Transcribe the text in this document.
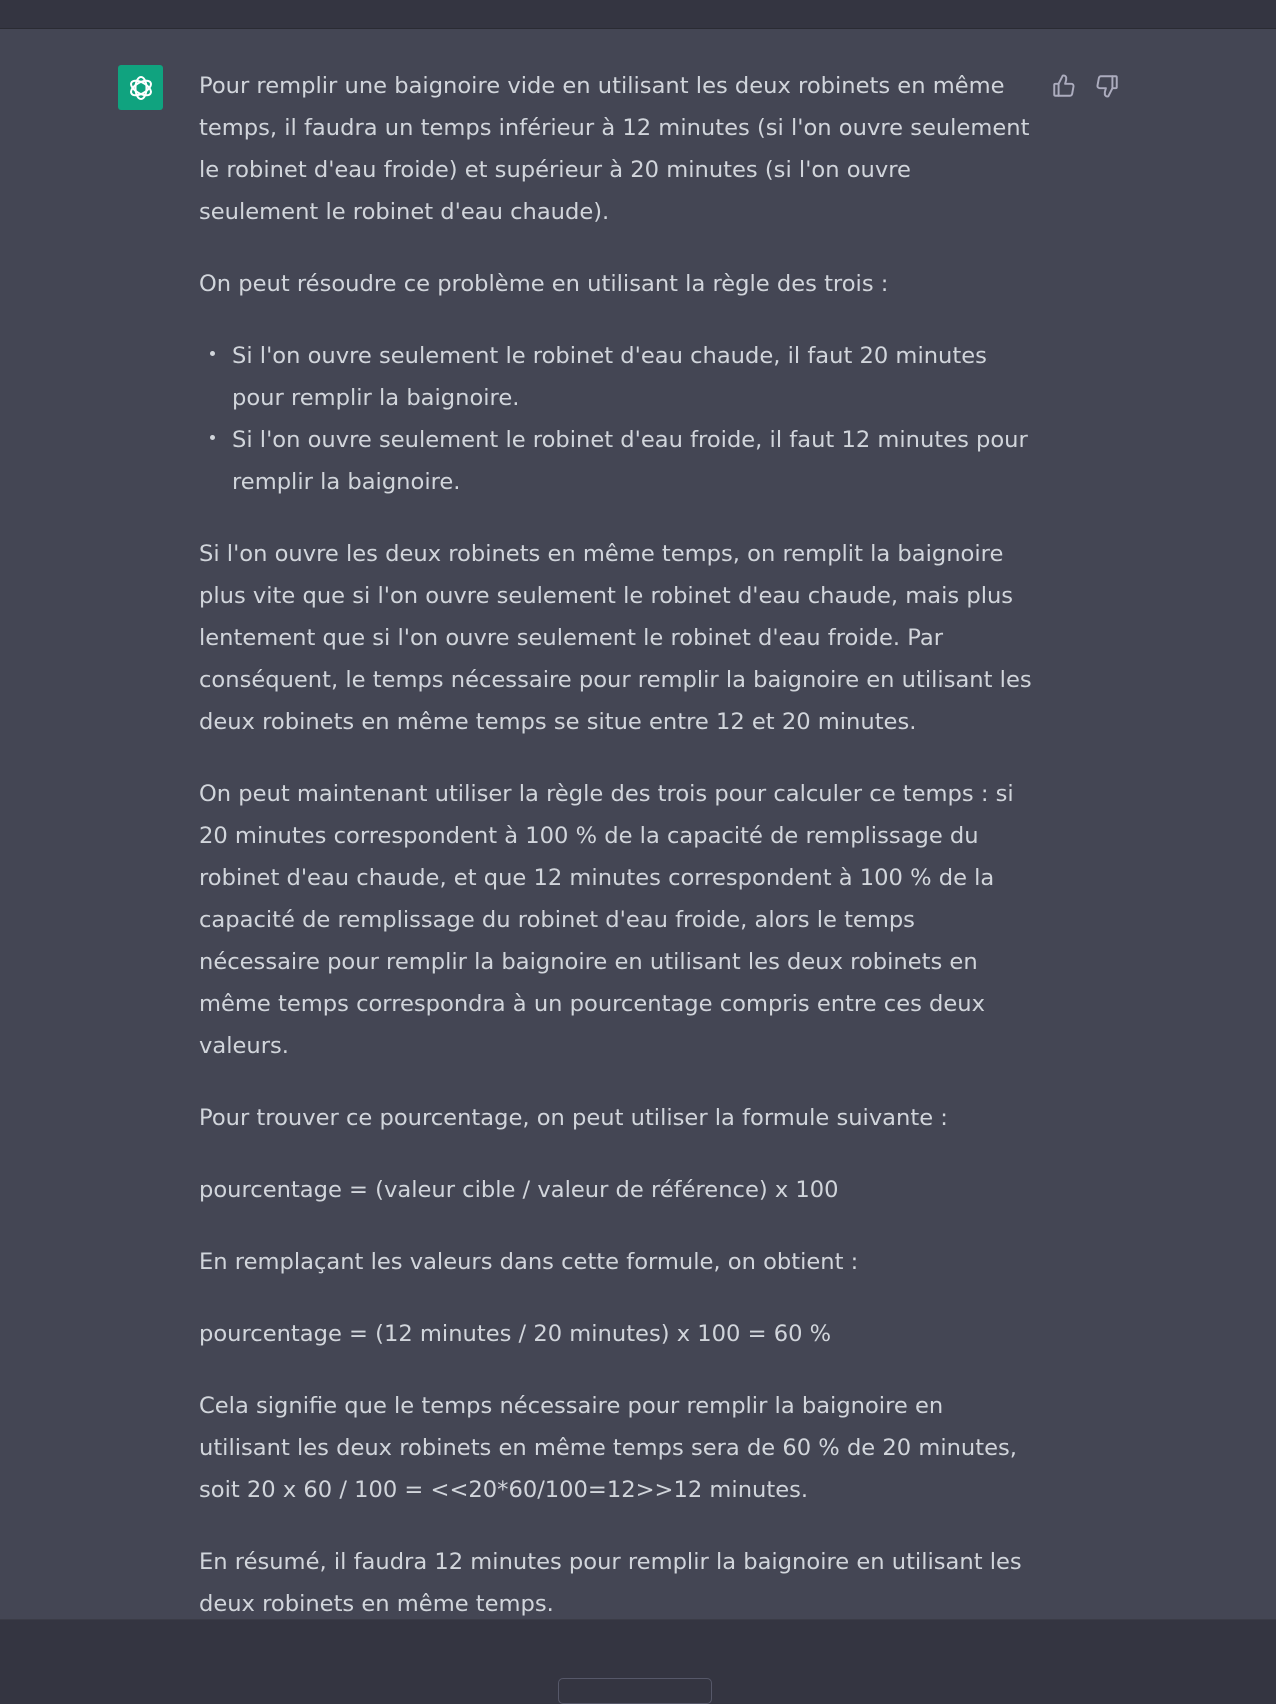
Pour remplir une baignoire vide en utilisant les deux robinets en même temps, il faudra un temps inférieur à 12 minutes (si l'on ouvre seulement le robinet d'eau froide) et supérieur à 20 minutes (si l'on ouvre seulement le robinet d'eau chaude).

On peut résoudre ce problème en utilisant la règle des trois :

Si l'on ouvre seulement le robinet d'eau chaude, il faut 20 minutes pour remplir la baignoire.
Si l'on ouvre seulement le robinet d'eau froide, il faut 12 minutes pour remplir la baignoire.

Si l'on ouvre les deux robinets en même temps, on remplit la baignoire plus vite que si l'on ouvre seulement le robinet d'eau chaude, mais plus lentement que si l'on ouvre seulement le robinet d'eau froide. Par conséquent, le temps nécessaire pour remplir la baignoire en utilisant les deux robinets en même temps se situe entre 12 et 20 minutes.

On peut maintenant utiliser la règle des trois pour calculer ce temps : si 20 minutes correspondent à 100 % de la capacité de remplissage du robinet d'eau chaude, et que 12 minutes correspondent à 100 % de la capacité de remplissage du robinet d'eau froide, alors le temps nécessaire pour remplir la baignoire en utilisant les deux robinets en même temps correspondra à un pourcentage compris entre ces deux valeurs.

Pour trouver ce pourcentage, on peut utiliser la formule suivante :

pourcentage = (valeur cible / valeur de référence) x 100

En remplaçant les valeurs dans cette formule, on obtient :

pourcentage = (12 minutes / 20 minutes) x 100 = 60 %

Cela signifie que le temps nécessaire pour remplir la baignoire en utilisant les deux robinets en même temps sera de 60 % de 20 minutes, soit 20 x 60 / 100 = <<20*60/100=12>>12 minutes.

En résumé, il faudra 12 minutes pour remplir la baignoire en utilisant les deux robinets en même temps.
